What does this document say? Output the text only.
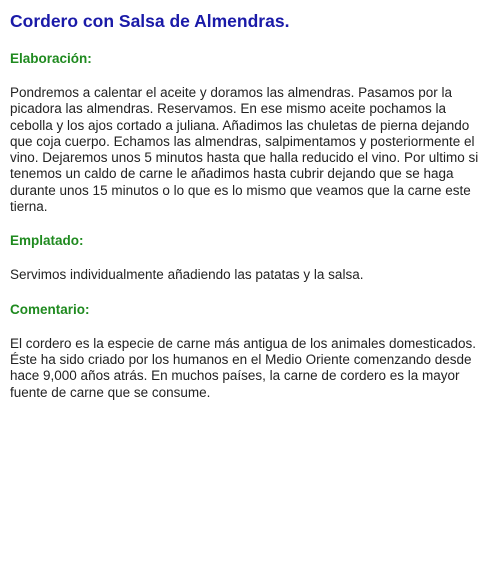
Cordero con Salsa de Almendras.
Elaboración:

Pondremos a calentar el aceite y doramos las almendras. Pasamos por la picadora las almendras. Reservamos. En ese mismo aceite pochamos la cebolla y los ajos cortado a juliana. Añadimos las chuletas de pierna dejando que coja cuerpo. Echamos las almendras, salpimentamos y posteriormente el vino. Dejaremos unos 5 minutos hasta que halla reducido el vino. Por ultimo si tenemos un caldo de carne le añadimos hasta cubrir dejando que se haga durante unos 15 minutos o lo que es lo mismo que veamos que la carne este tierna.

Emplatado:

Servimos individualmente añadiendo las patatas y la salsa.

Comentario:

El cordero es la especie de carne más antigua de los animales domesticados. Éste ha sido criado por los humanos en el Medio Oriente comenzando desde hace 9,000 años atrás. En muchos países, la carne de cordero es la mayor fuente de carne que se consume.
